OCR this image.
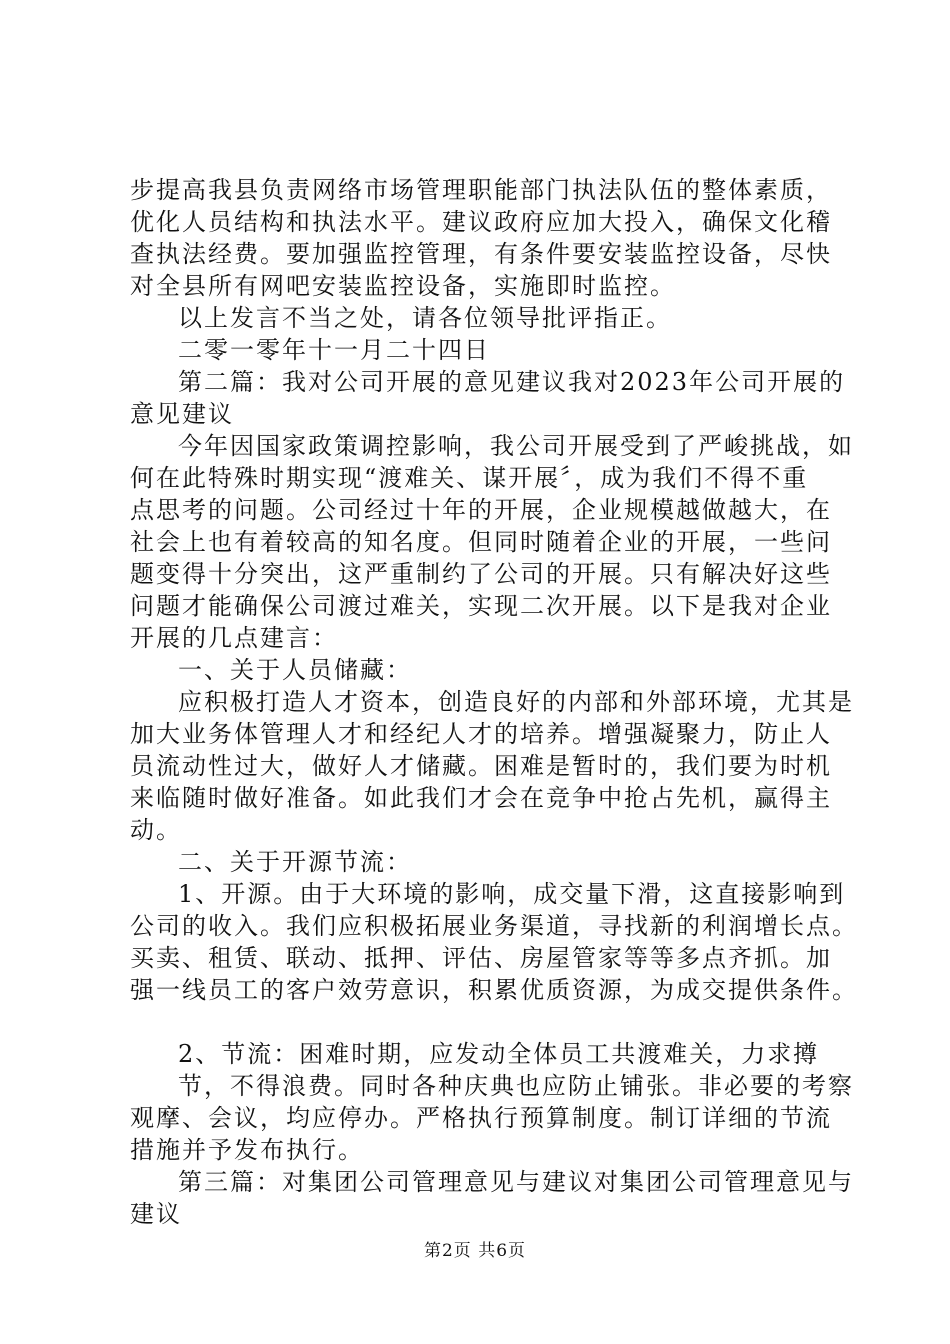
步提高我县负责网络市场管理职能部门执法队伍的整体素质，

优化人员结构和执法水平。建议政府应加大投入，确保文化稽

查执法经费。要加强监控管理，有条件要安装监控设备，尽快

对全县所有网吧安装监控设备，实施即时监控。

以上发言不当之处，请各位领导批评指正。

二零一零年十一月二十四日

第二篇：我对公司开展的意见建议我对2023年公司开展的

意见建议

今年因国家政策调控影响，我公司开展受到了严峻挑战，如

何在此特殊时期实现“渡难关、谋开展〞，成为我们不得不重

点思考的问题。公司经过十年的开展，企业规模越做越大，在

社会上也有着较高的知名度。但同时随着企业的开展，一些问

题变得十分突出，这严重制约了公司的开展。只有解决好这些

问题才能确保公司渡过难关，实现二次开展。以下是我对企业

开展的几点建言：

一、关于人员储藏：

应积极打造人才资本，创造良好的内部和外部环境，尤其是

加大业务体管理人才和经纪人才的培养。增强凝聚力，防止人

员流动性过大，做好人才储藏。困难是暂时的，我们要为时机

来临随时做好准备。如此我们才会在竞争中抢占先机，赢得主

动。

二、关于开源节流：

1、开源。由于大环境的影响，成交量下滑，这直接影响到

公司的收入。我们应积极拓展业务渠道，寻找新的利润增长点。

买卖、租赁、联动、抵押、评估、房屋管家等等多点齐抓。加

强一线员工的客户效劳意识，积累优质资源，为成交提供条件。

2、节流：困难时期，应发动全体员工共渡难关，力求撙

节，不得浪费。同时各种庆典也应防止铺张。非必要的考察

观摩、会议，均应停办。严格执行预算制度。制订详细的节流

措施并予发布执行。

第三篇：对集团公司管理意见与建议对集团公司管理意见与

建议

第2页 共6页
